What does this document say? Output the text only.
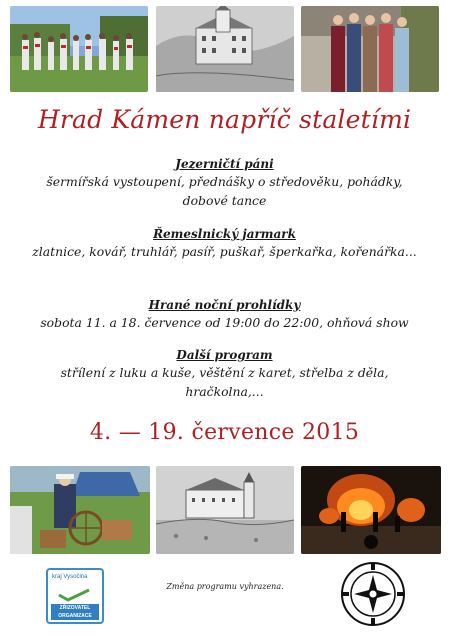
Hrad Kámen napříč staletími
Jezerničtí páni
šermířská vystoupení, přednášky o středověku, pohádky, dobové tance
Řemeslnický jarmark
zlatnice, kovář, truhlář, pasíř, puškař, šperkařka, kořenářka...
Hrané noční prohlídky
sobota 11. a 18. července od 19:00 do 22:00, ohňová show
Další program
střílení z luku a kuše, věštění z karet, střelba z děla, hračkolna,...
4. — 19. července 2015
kraj Vysočina
ZŘIZOVATEL ORGANIZACE
Změna programu vyhrazena.
